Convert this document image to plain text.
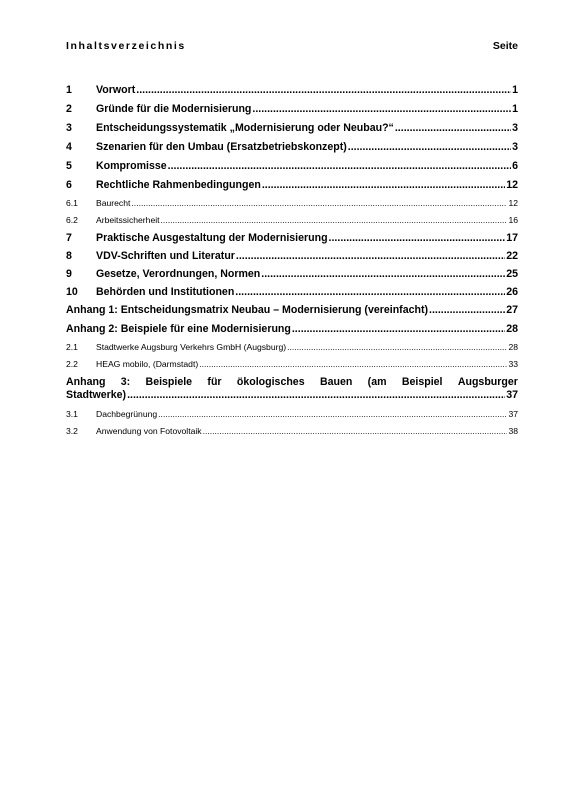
Inhaltsverzeichnis	Seite
1	Vorwort .....	1
2	Gründe für die Modernisierung .....	1
3	Entscheidungssystematik „Modernisierung oder Neubau?“ .....	3
4	Szenarien für den Umbau (Ersatzbetriebskonzept) .....	3
5	Kompromisse .....	6
6	Rechtliche Rahmenbedingungen .....	12
6.1	Baurecht .....	12
6.2	Arbeitssicherheit .....	16
7	Praktische Ausgestaltung der Modernisierung .....	17
8	VDV-Schriften und Literatur .....	22
9	Gesetze, Verordnungen, Normen .....	25
10	Behörden und Institutionen .....	26
Anhang 1: Entscheidungsmatrix Neubau – Modernisierung (vereinfacht) .....	27
Anhang 2: Beispiele für eine Modernisierung .....	28
2.1	Stadtwerke Augsburg Verkehrs GmbH (Augsburg) .....	28
2.2	HEAG mobilo, (Darmstadt) .....	33
Anhang 3: Beispiele für ökologisches Bauen (am Beispiel Augsburger
Stadtwerke) .....	37
3.1	Dachbegrünung .....	37
3.2	Anwendung von Fotovoltaik .....	38
